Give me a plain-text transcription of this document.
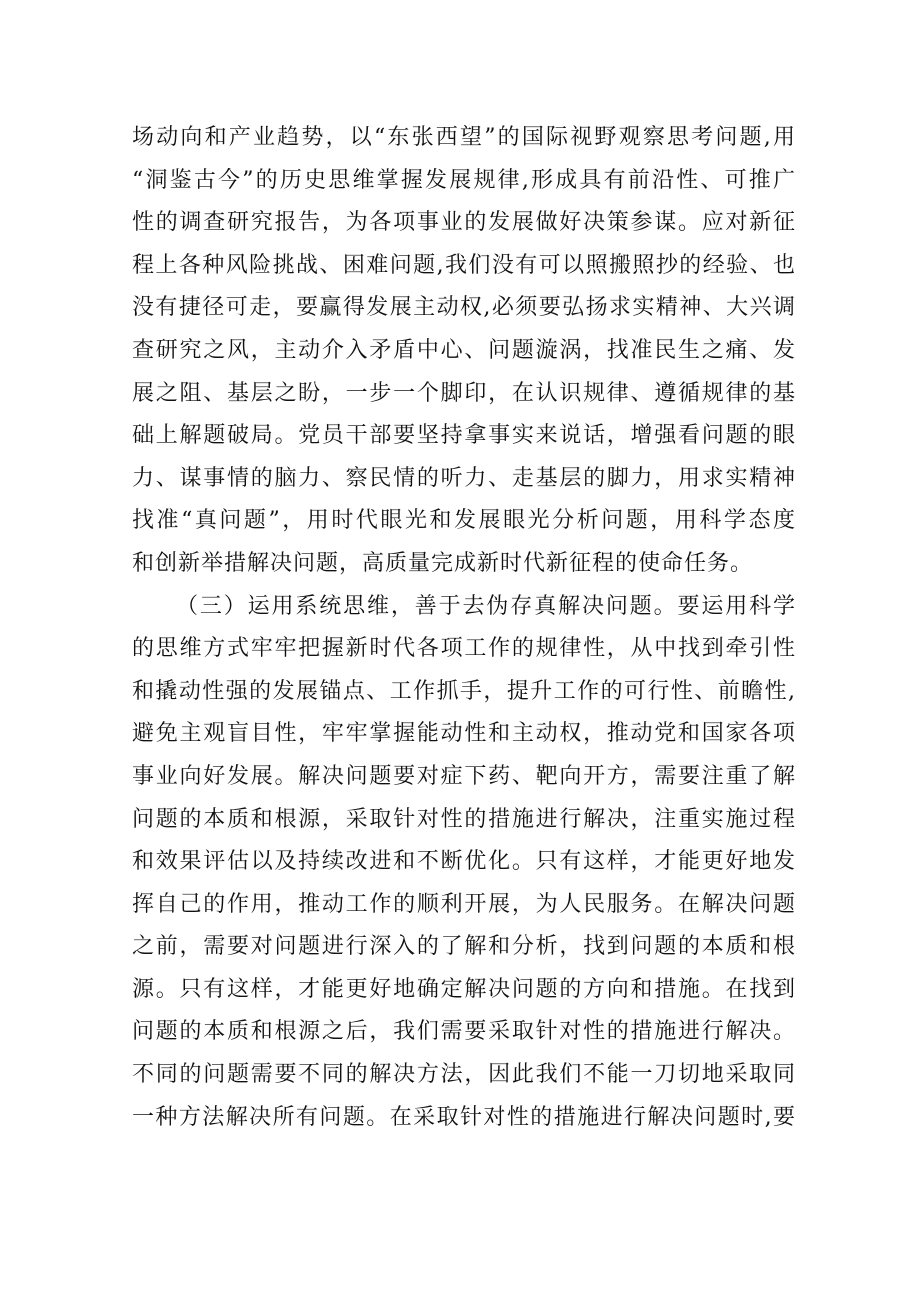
场动向和产业趋势，以“东张西望”的国际视野观察思考问题,用
“洞鉴古今”的历史思维掌握发展规律,形成具有前沿性、可推广
性的调查研究报告，为各项事业的发展做好决策参谋。应对新征
程上各种风险挑战、困难问题,我们没有可以照搬照抄的经验、也
没有捷径可走，要赢得发展主动权,必须要弘扬求实精神、大兴调
查研究之风，主动介入矛盾中心、问题漩涡，找准民生之痛、发
展之阻、基层之盼，一步一个脚印，在认识规律、遵循规律的基
础上解题破局。党员干部要坚持拿事实来说话，增强看问题的眼
力、谋事情的脑力、察民情的听力、走基层的脚力，用求实精神
找准“真问题”，用时代眼光和发展眼光分析问题，用科学态度
和创新举措解决问题，高质量完成新时代新征程的使命任务。
（三）运用系统思维，善于去伪存真解决问题。要运用科学
的思维方式牢牢把握新时代各项工作的规律性，从中找到牵引性
和撬动性强的发展锚点、工作抓手，提升工作的可行性、前瞻性,
避免主观盲目性，牢牢掌握能动性和主动权，推动党和国家各项
事业向好发展。解决问题要对症下药、靶向开方，需要注重了解
问题的本质和根源，采取针对性的措施进行解决，注重实施过程
和效果评估以及持续改进和不断优化。只有这样，才能更好地发
挥自己的作用，推动工作的顺利开展，为人民服务。在解决问题
之前，需要对问题进行深入的了解和分析，找到问题的本质和根
源。只有这样，才能更好地确定解决问题的方向和措施。在找到
问题的本质和根源之后，我们需要采取针对性的措施进行解决。
不同的问题需要不同的解决方法，因此我们不能一刀切地采取同
一种方法解决所有问题。在采取针对性的措施进行解决问题时,要
